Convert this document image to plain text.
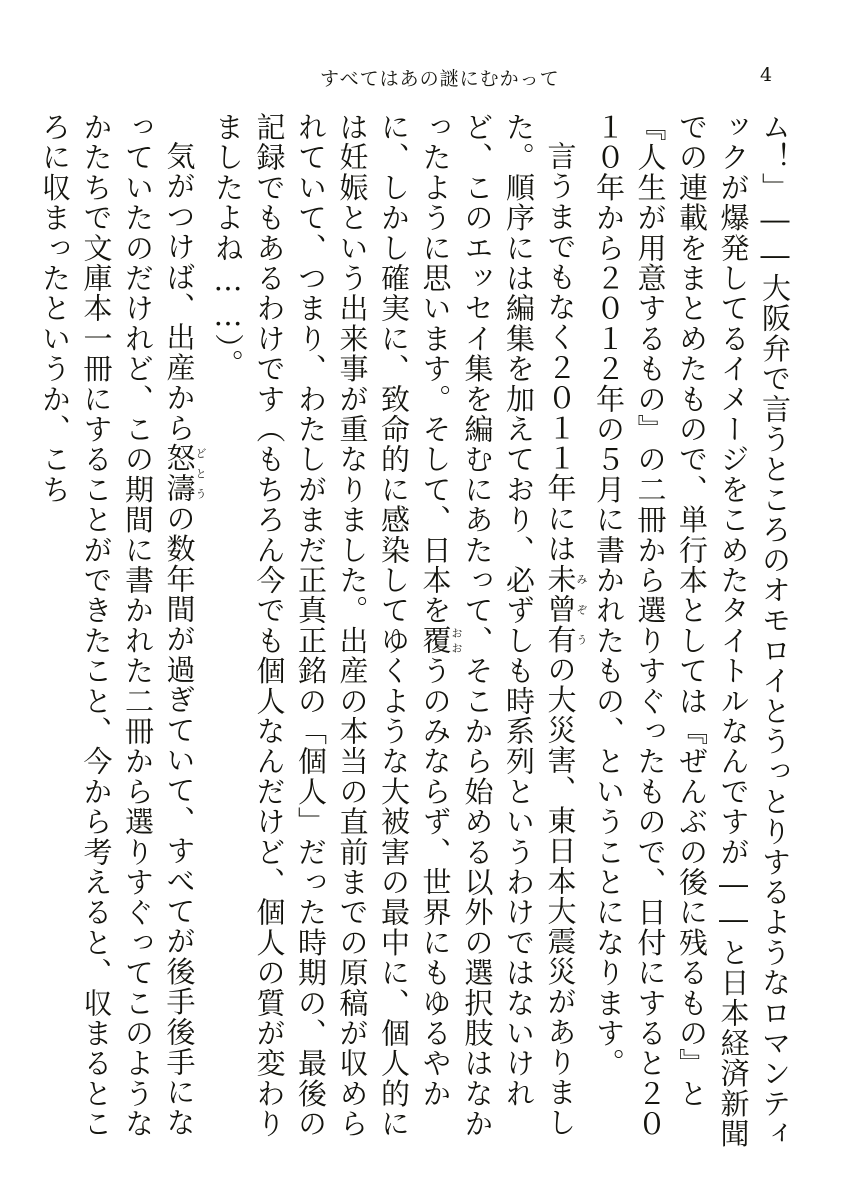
すべてはあの謎にむかって	4

ム！」――大阪弁で言うところのオモロイとうっとりするようなロマンティックが爆発してるイメージをこめたタイトルなんですが――と日本経済新聞での連載をまとめたもので、単行本としては『ぜんぶの後に残るもの』と『人生が用意するもの』の二冊から選りすぐったもので、日付にすると２０１０年から２０１２年の５月に書かれたもの、ということになります。

言うまでもなく２０１１年には未曾有みぞうの大災害、東日本大震災がありました。順序には編集を加えており、必ずしも時系列というわけではないけれど、このエッセイ集を編むにあたって、そこから始める以外の選択肢はなかったように思います。そして、日本を覆おおうのみならず、世界にもゆるやかに、しかし確実に、致命的に感染してゆくような大被害の最中に、個人的には妊娠という出来事が重なりました。出産の本当の直前までの原稿が収められていて、つまり、わたしがまだ正真正銘の「個人」だった時期の、最後の記録でもあるわけです（もちろん今でも個人なんだけど、個人の質が変わりましたよね……）。

気がつけば、出産から怒濤どとうの数年間が過ぎていて、すべてが後手後手になっていたのだけれど、この期間に書かれた二冊から選りすぐってこのようなかたちで文庫本一冊にすることができたこと、今から考えると、収まるところに収まったというか、こち
